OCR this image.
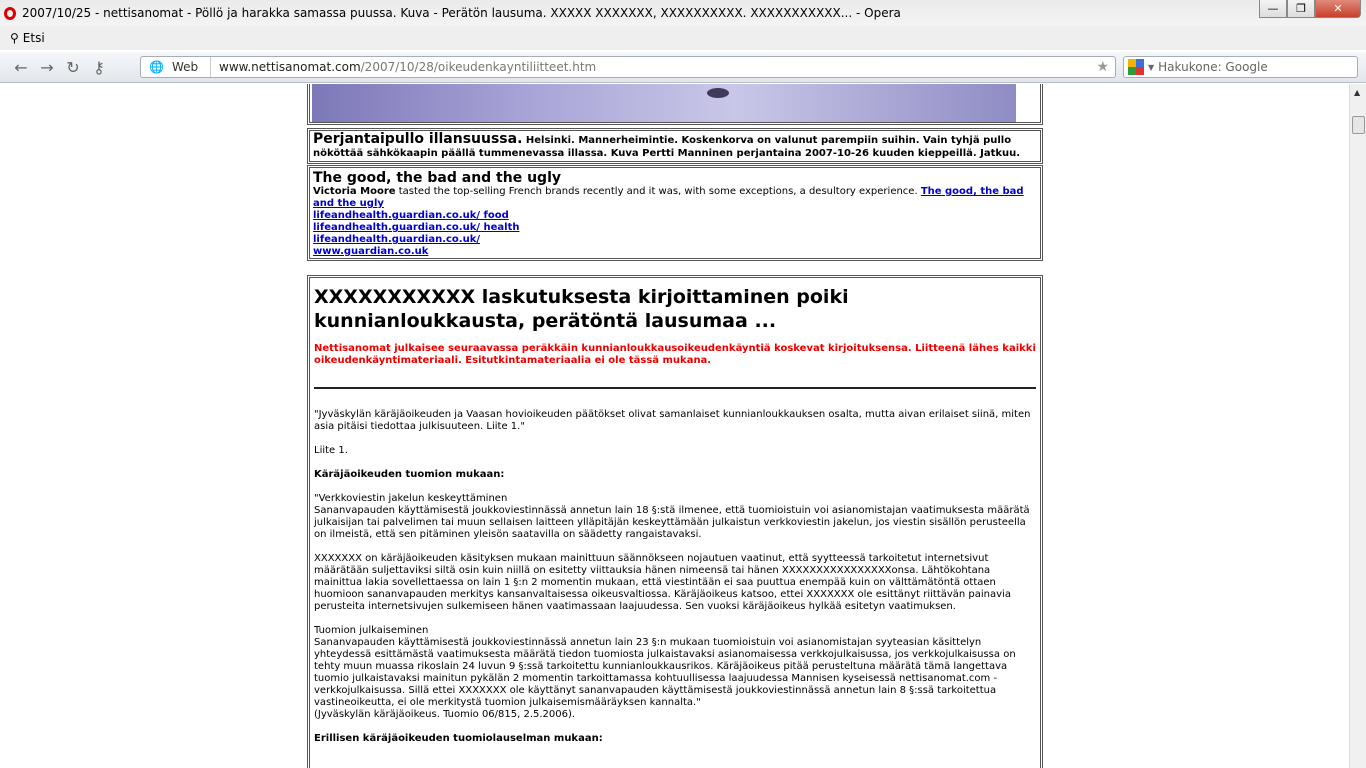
2007/10/25 - nettisanomat - Pöllö ja harakka samassa puussa. Kuva - Perätön lausuma. XXXXX XXXXXXX, XXXXXXXXXX. XXXXXXXXXXX... - Opera	—	❐	✕
⚲ Etsi
← → ↻ ⚷	🌐 Web	www.nettisanomat.com/2007/10/28/oikeudenkayntiliitteet.htm	★	▼ Hakukone: Google
Perjantaipullo illansuussa. Helsinki. Mannerheimintie. Koskenkorva on valunut parempiin suihin. Vain tyhjä pullo nököttää sähkökaapin päällä tummenevassa illassa. Kuva Pertti Manninen perjantaina 2007-10-26 kuuden kieppeillä. Jatkuu.
The good, the bad and the ugly
Victoria Moore tasted the top-selling French brands recently and it was, with some exceptions, a desultory experience. The good, the bad and the ugly
lifeandhealth.guardian.co.uk/ food
lifeandhealth.guardian.co.uk/ health
lifeandhealth.guardian.co.uk/
www.guardian.co.uk
XXXXXXXXXXX laskutuksesta kirjoittaminen poiki kunnianloukkausta, perätöntä lausumaa ...
Nettisanomat julkaisee seuraavassa peräkkäin kunnianloukkausoikeudenkäyntiä koskevat kirjoituksensa. Liitteenä lähes kaikki oikeudenkäyntimateriaali. Esitutkintamateriaalia ei ole tässä mukana.

"Jyväskylän käräjäoikeuden ja Vaasan hovioikeuden päätökset olivat samanlaiset kunnianloukkauksen osalta, mutta aivan erilaiset siinä, miten asia pitäisi tiedottaa julkisuuteen. Liite 1."

Liite 1.

Käräjäoikeuden tuomion mukaan:

"Verkkoviestin jakelun keskeyttäminen
Sananvapauden käyttämisestä joukkoviestinnässä annetun lain 18 §:stä ilmenee, että tuomioistuin voi asianomistajan vaatimuksesta määrätä julkaisijan tai palvelimen tai muun sellaisen laitteen ylläpitäjän keskeyttämään julkaistun verkkoviestin jakelun, jos viestin sisällön perusteella on ilmeistä, että sen pitäminen yleisön saatavilla on säädetty rangaistavaksi.

XXXXXXX on käräjäoikeuden käsityksen mukaan mainittuun säännökseen nojautuen vaatinut, että syytteessä tarkoitetut internetsivut määrätään suljettaviksi siltä osin kuin niillä on esitetty viittauksia hänen nimeensä tai hänen XXXXXXXXXXXXXXXXonsa. Lähtökohtana mainittua lakia sovellettaessa on lain 1 §:n 2 momentin mukaan, että viestintään ei saa puuttua enempää kuin on välttämätöntä ottaen huomioon sananvapauden merkitys kansanvaltaisessa oikeusvaltiossa. Käräjäoikeus katsoo, ettei XXXXXXX ole esittänyt riittävän painavia perusteita internetsivujen sulkemiseen hänen vaatimassaan laajuudessa. Sen vuoksi käräjäoikeus hylkää esitetyn vaatimuksen.

Tuomion julkaiseminen
Sananvapauden käyttämisestä joukkoviestinnässä annetun lain 23 §:n mukaan tuomioistuin voi asianomistajan syyteasian käsittelyn yhteydessä esittämästä vaatimuksesta määrätä tiedon tuomiosta julkaistavaksi asianomaisessa verkkojulkaisussa, jos verkkojulkaisussa on tehty muun muassa rikoslain 24 luvun 9 §:ssä tarkoitettu kunnianloukkausrikos. Käräjäoikeus pitää perusteltuna määrätä tämä langettava tuomio julkaistavaksi mainitun pykälän 2 momentin tarkoittamassa kohtuullisessa laajuudessa Mannisen kyseisessä nettisanomat.com -verkkojulkaisussa. Sillä ettei XXXXXXX ole käyttänyt sananvapauden käyttämisestä joukkoviestinnässä annetun lain 8 §:ssä tarkoitettua vastineoikeutta, ei ole merkitystä tuomion julkaisemismääräyksen kannalta."
(Jyväskylän käräjäoikeus. Tuomio 06/815, 2.5.2006).

Erillisen käräjäoikeuden tuomiolauselman mukaan:

▲
